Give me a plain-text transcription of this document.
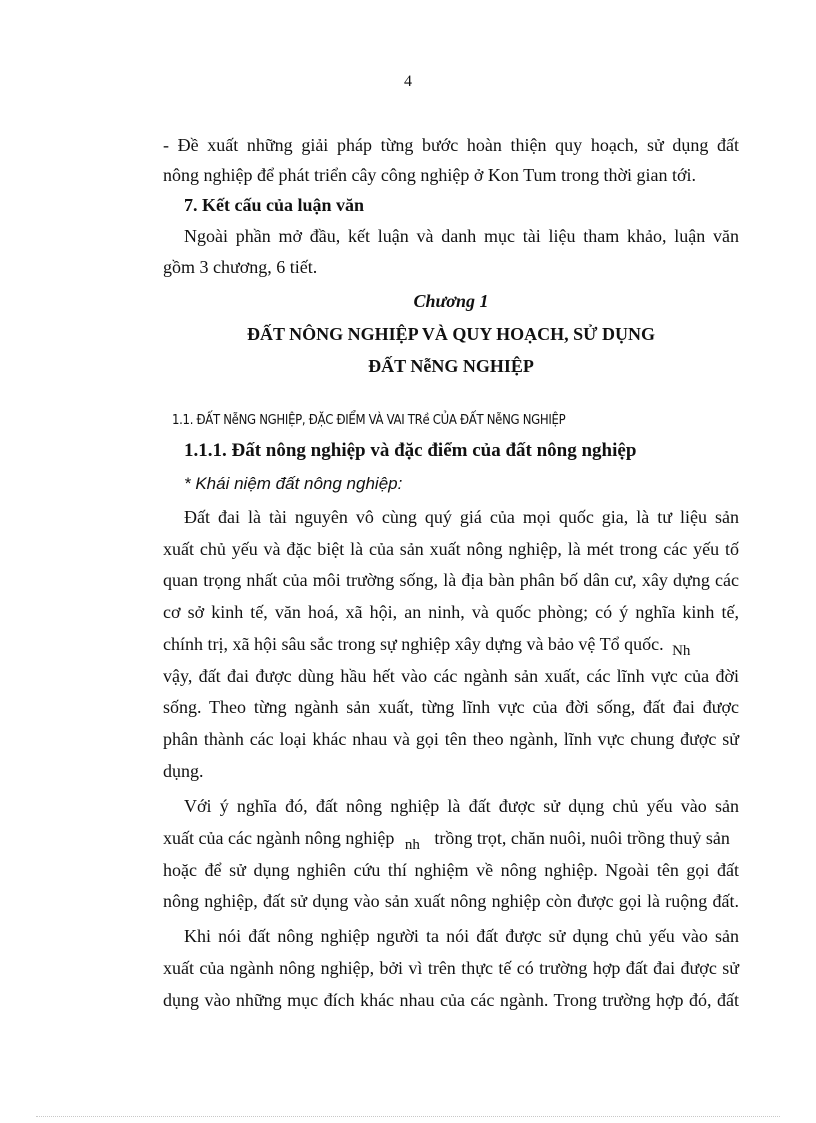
4
- Đề xuất những giải pháp từng bước hoàn thiện quy hoạch, sử dụng đất
nông nghiệp để phát triển cây công nghiệp ở Kon Tum trong thời gian tới.
7. Kết cấu của luận văn
Ngoài phần mở đầu, kết luận và danh mục tài liệu tham khảo, luận văn
gồm 3 chương, 6 tiết.
Chương 1
ĐẤT NÔNG NGHIỆP VÀ QUY HOẠCH, SỬ DỤNG
ĐẤT NễNG NGHIỆP
1.1. ĐẤT NễNG NGHIỆP, ĐẶC ĐIỂM VÀ VAI TRề CỦA ĐẤT NễNG NGHIỆP
1.1.1. Đất nông nghiệp và đặc điểm của đất nông nghiệp
* Khái niệm đất nông nghiệp:
Đất đai là tài nguyên vô cùng quý giá của mọi quốc gia, là tư liệu sản
xuất chủ yếu và đặc biệt là của sản xuất nông nghiệp, là mét trong các yếu tố
quan trọng nhất của môi trường sống, là địa bàn phân bố dân cư, xây dựng các
cơ sở kinh tế, văn hoá, xã hội, an ninh, và quốc phòng; có ý nghĩa kinh tế,
chính trị, xã hội sâu sắc trong sự nghiệp xây dựng và bảo vệ Tổ quốc. Nh
vậy, đất đai được dùng hầu hết vào các ngành sản xuất, các lĩnh vực của đời
sống. Theo từng ngành sản xuất, từng lĩnh vực của đời sống, đất đai được
phân thành các loại khác nhau và gọi tên theo ngành, lĩnh vực chung được sử
dụng.
Với ý nghĩa đó, đất nông nghiệp là đất được sử dụng chủ yếu vào sản
xuất của các ngành nông nghiệp nh trồng trọt, chăn nuôi, nuôi trồng thuỷ sản
hoặc để sử dụng nghiên cứu thí nghiệm về nông nghiệp. Ngoài tên gọi đất
nông nghiệp, đất sử dụng vào sản xuất nông nghiệp còn được gọi là ruộng đất.
Khi nói đất nông nghiệp người ta nói đất được sử dụng chủ yếu vào sản
xuất của ngành nông nghiệp, bởi vì trên thực tế có trường hợp đất đai được sử
dụng vào những mục đích khác nhau của các ngành. Trong trường hợp đó, đất
